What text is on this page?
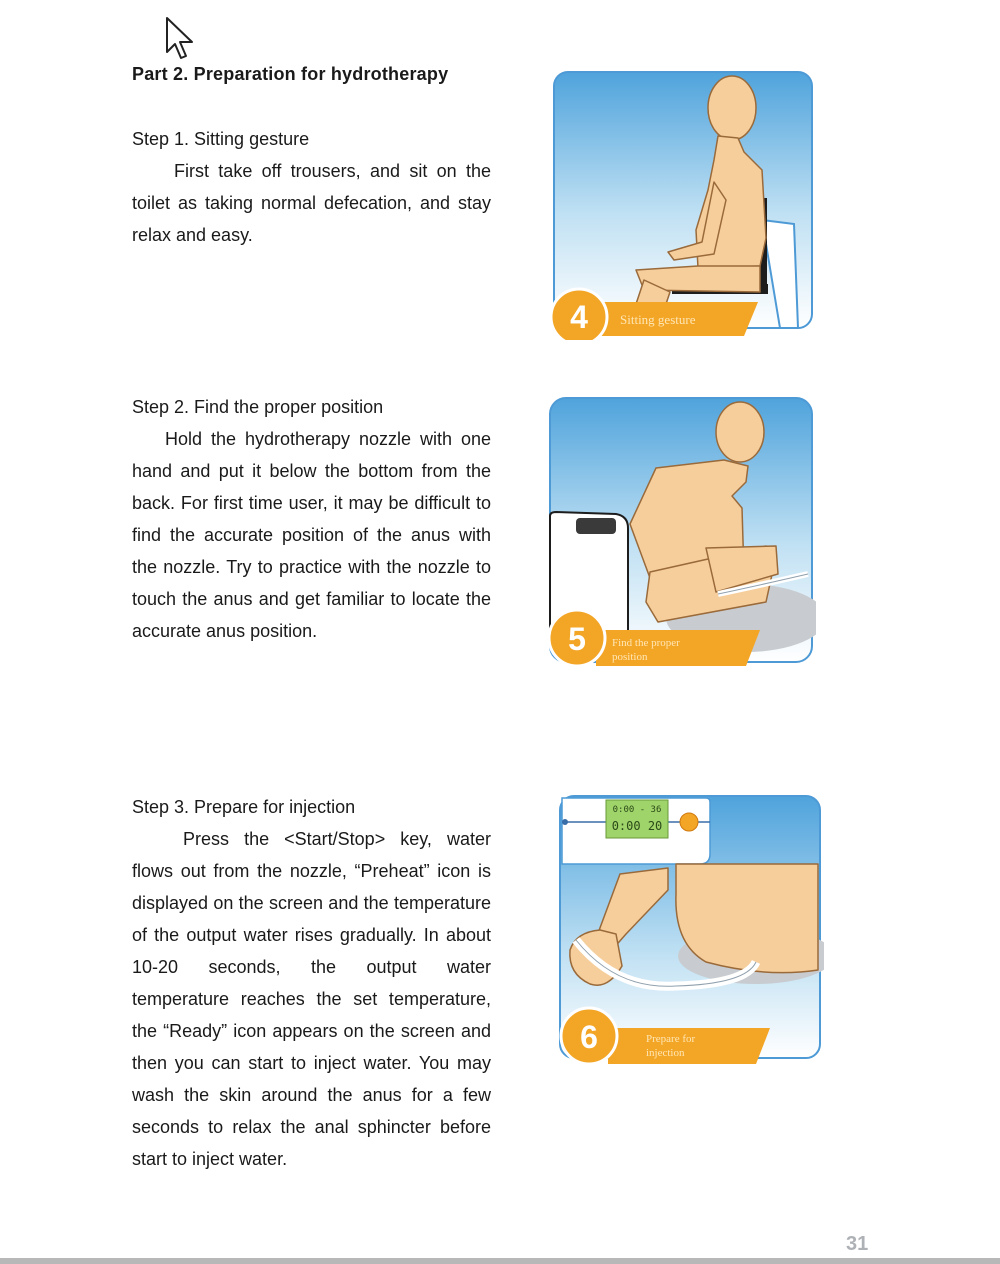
Part 2. Preparation for hydrotherapy

Step 1. Sitting gesture

First take off trousers, and sit on the toilet as taking normal defecation, and stay relax and easy.

4 Sitting gesture

Step 2. Find the proper position

Hold the hydrotherapy nozzle with one hand and put it below the bottom from the back. For first time user, it may be difficult to find the accurate position of the anus with the nozzle. Try to practice with the nozzle to touch the anus and get familiar to locate the accurate anus position.	5 Find the proper
position

Step 3. Prepare for injection

Press the <Start/Stop> key, water flows out from the nozzle, “Preheat” icon is displayed on the screen and the temperature of the output water rises gradually. In about 10-20 seconds, the output water temperature reaches the set temperature, the “Ready” icon appears on the screen and then you can start to inject water. You may wash the skin around the anus for a few seconds to relax the anal sphincter before start to inject water.

0:00 - 36
0:00 20
6	Prepare for
injection

31
